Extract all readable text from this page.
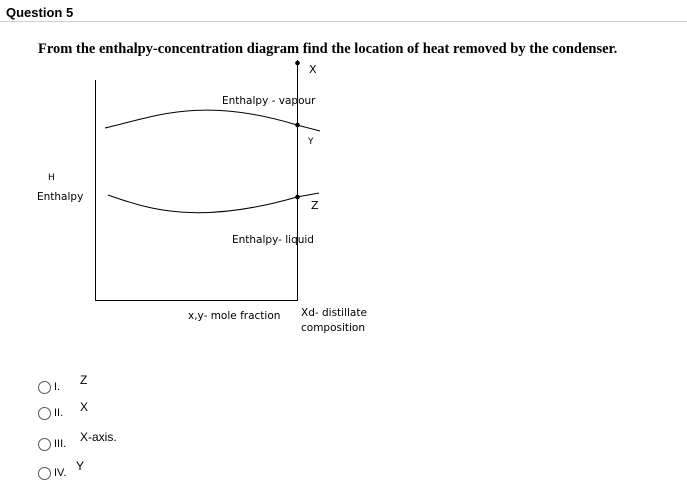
Question 5
From the enthalpy-concentration diagram find the location of heat removed by the condenser.
X
Enthalpy - vapour
Y
H
Enthalpy
Z
Enthalpy- liquid
x,y- mole fraction Xd- distillate
composition
I. Z
II. X
III. X-axis.
IV. Y
